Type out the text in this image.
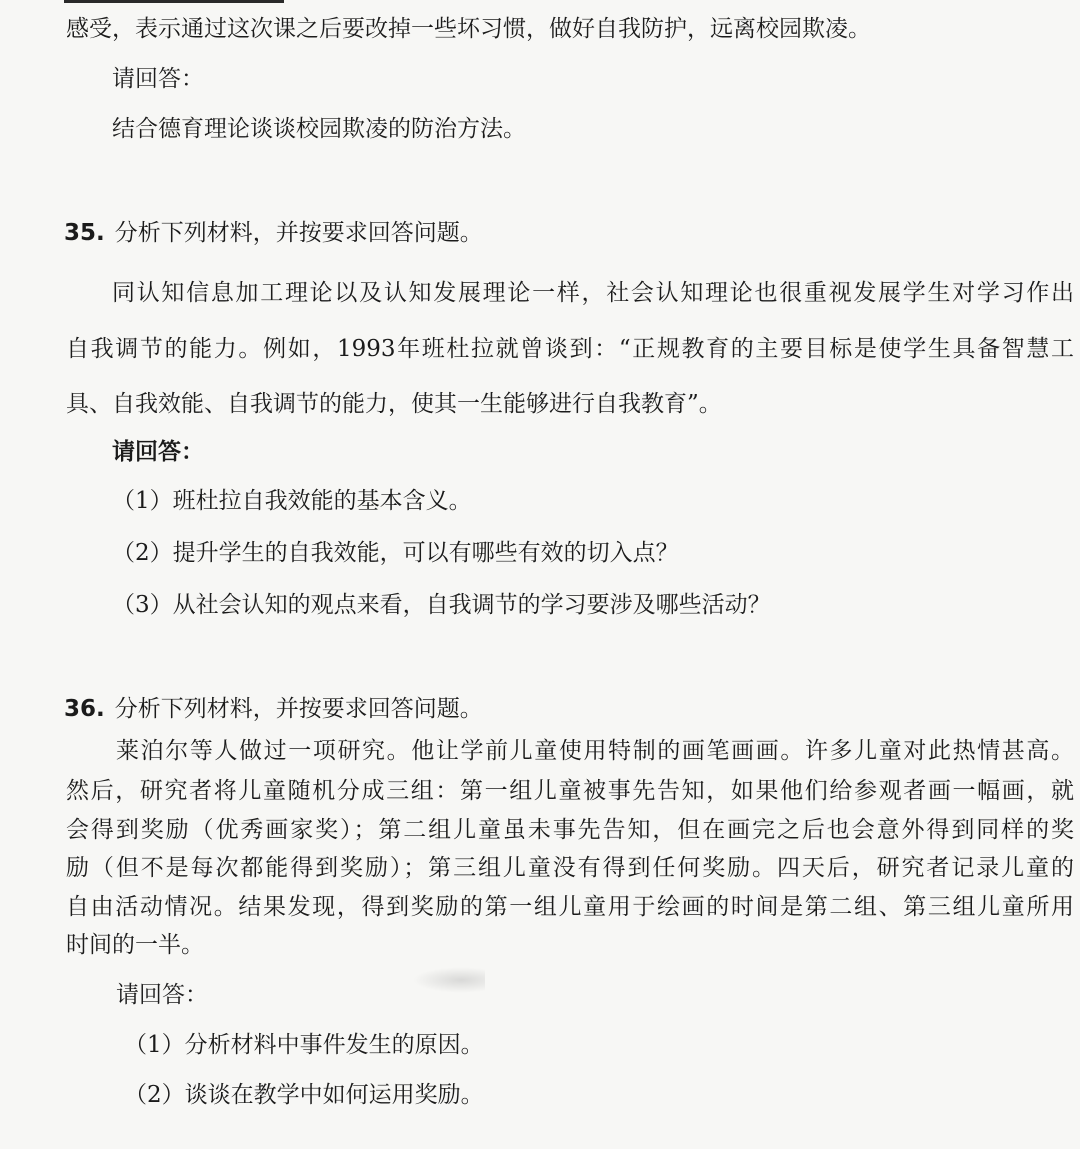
感受，表示通过这次课之后要改掉一些坏习惯，做好自我防护，远离校园欺凌。
请回答：
结合德育理论谈谈校园欺凌的防治方法。
35. 分析下列材料，并按要求回答问题。
同认知信息加工理论以及认知发展理论一样，社会认知理论也很重视发展学生对学习作出
自我调节的能力。例如，1993年班杜拉就曾谈到：“正规教育的主要目标是使学生具备智慧工
具、自我效能、自我调节的能力，使其一生能够进行自我教育”。
请回答：
（1）班杜拉自我效能的基本含义。
（2）提升学生的自我效能，可以有哪些有效的切入点？
（3）从社会认知的观点来看，自我调节的学习要涉及哪些活动？
36. 分析下列材料，并按要求回答问题。
莱泊尔等人做过一项研究。他让学前儿童使用特制的画笔画画。许多儿童对此热情甚高。
然后，研究者将儿童随机分成三组：第一组儿童被事先告知，如果他们给参观者画一幅画，就
会得到奖励（优秀画家奖）；第二组儿童虽未事先告知，但在画完之后也会意外得到同样的奖
励（但不是每次都能得到奖励）；第三组儿童没有得到任何奖励。四天后，研究者记录儿童的
自由活动情况。结果发现，得到奖励的第一组儿童用于绘画的时间是第二组、第三组儿童所用
时间的一半。
请回答：
（1）分析材料中事件发生的原因。
（2）谈谈在教学中如何运用奖励。
